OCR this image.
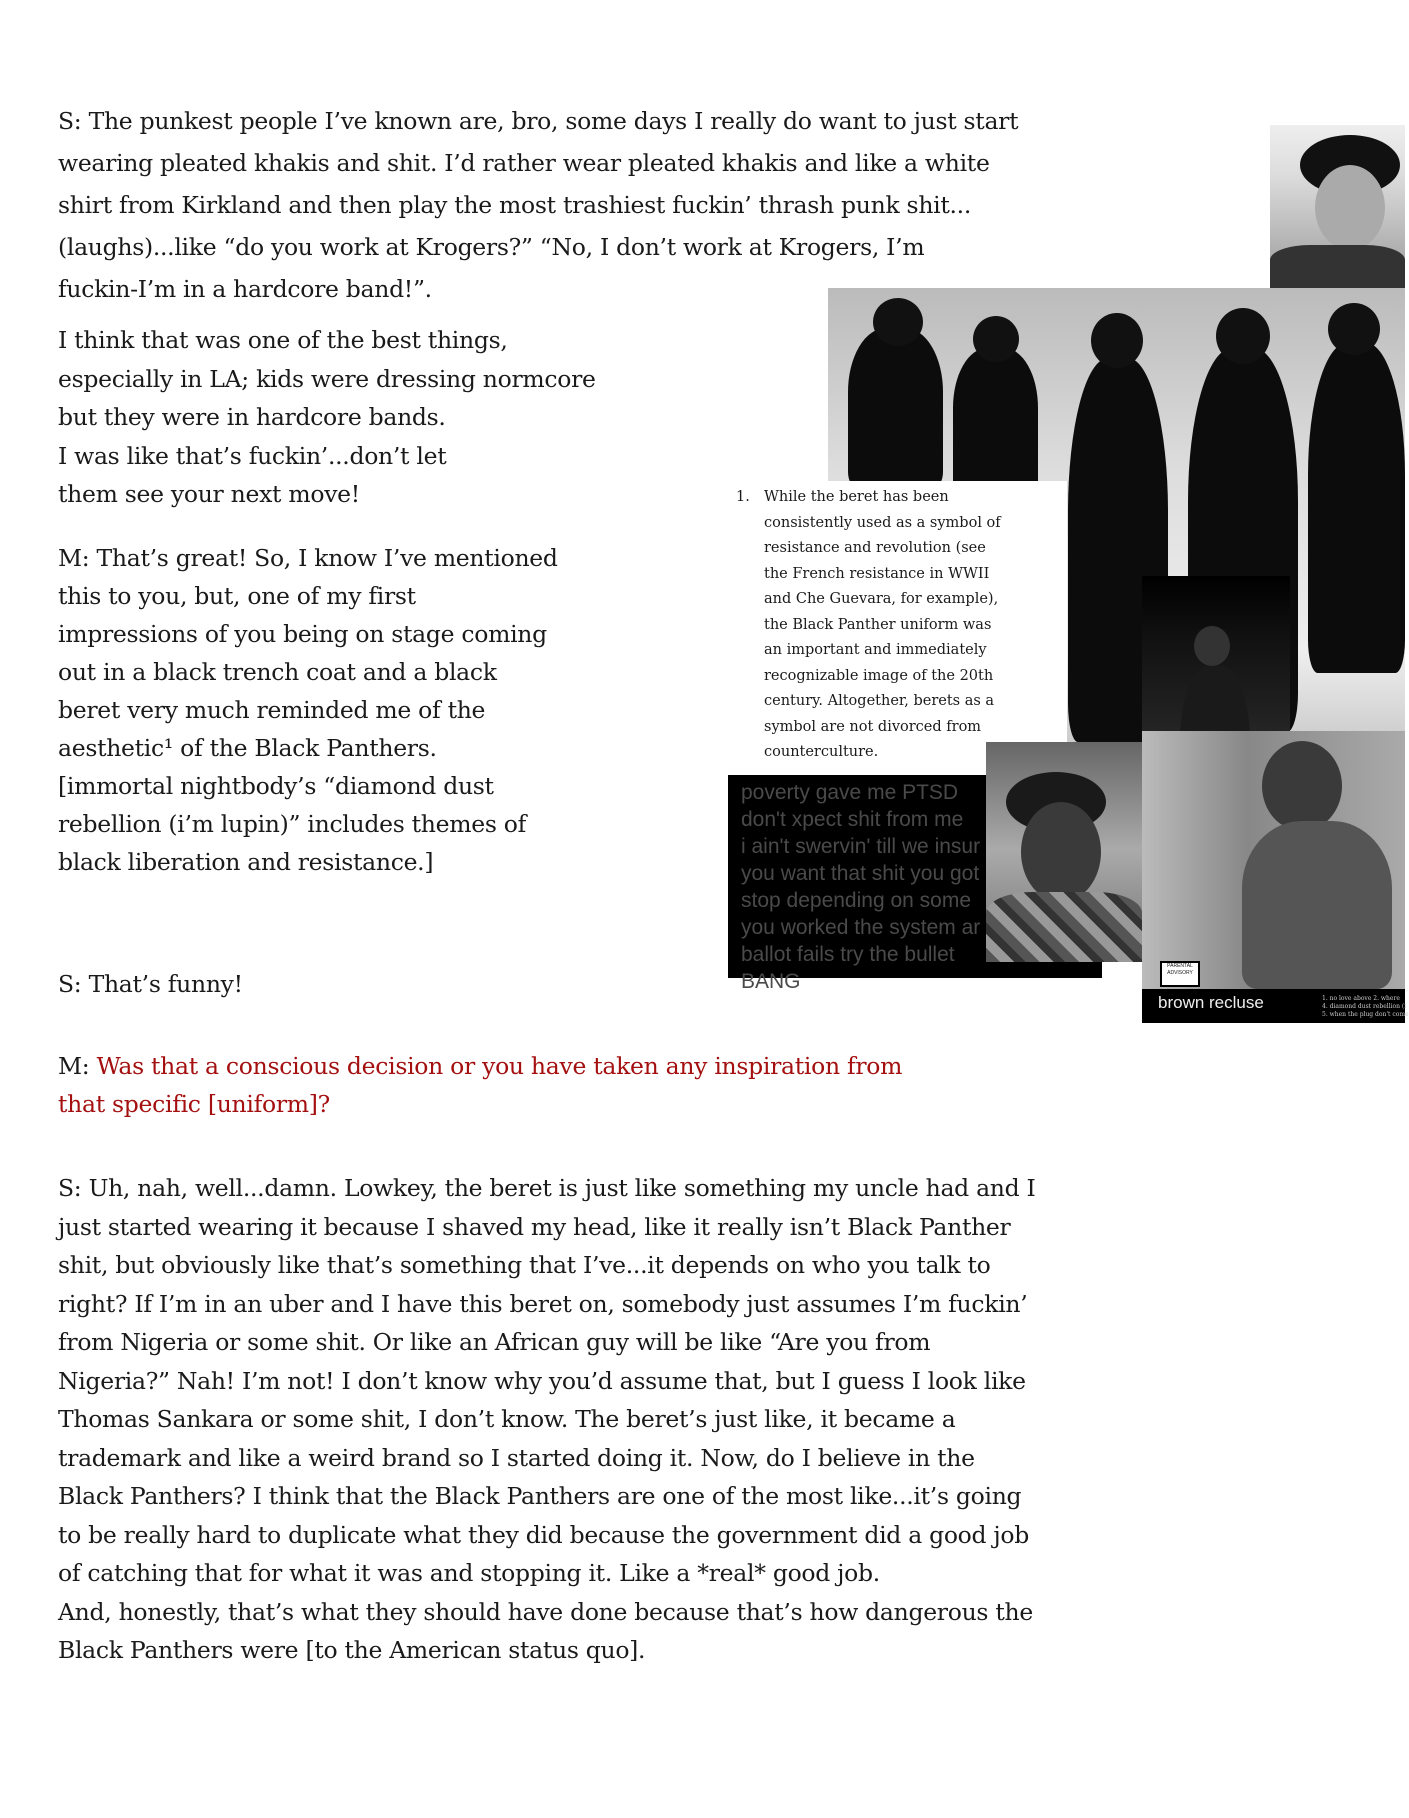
S: The punkest people I’ve known are, bro, some days I really do want to just start
wearing pleated khakis and shit. I’d rather wear pleated khakis and like a white
shirt from Kirkland and then play the most trashiest fuckin’ thrash punk shit...
(laughs)...like “do you work at Krogers?” “No, I don’t work at Krogers, I’m
fuckin-I’m in a hardcore band!”.
I think that was one of the best things,
especially in LA; kids were dressing normcore
but they were in hardcore bands.
I was like that’s fuckin’...don’t let
them see your next move!
M: That’s great! So, I know I’ve mentioned
this to you, but, one of my first
impressions of you being on stage coming
out in a black trench coat and a black
beret very much reminded me of the
aesthetic¹ of the Black Panthers.
[immortal nightbody’s “diamond dust
rebellion (i’m lupin)” includes themes of
black liberation and resistance.]
S: That’s funny!
M: Was that a conscious decision or you have taken any inspiration from
that specific [uniform]?
S: Uh, nah, well...damn. Lowkey, the beret is just like something my uncle had and I
just started wearing it because I shaved my head, like it really isn’t Black Panther
shit, but obviously like that’s something that I’ve...it depends on who you talk to
right? If I’m in an uber and I have this beret on, somebody just assumes I’m fuckin’
from Nigeria or some shit. Or like an African guy will be like “Are you from
Nigeria?” Nah! I’m not! I don’t know why you’d assume that, but I guess I look like
Thomas Sankara or some shit, I don’t know. The beret’s just like, it became a
trademark and like a weird brand so I started doing it. Now, do I believe in the
Black Panthers? I think that the Black Panthers are one of the most like...it’s going
to be really hard to duplicate what they did because the government did a good job
of catching that for what it was and stopping it. Like a *real* good job.
And, honestly, that’s what they should have done because that’s how dangerous the
Black Panthers were [to the American status quo].
1. While the beret has been
consistently used as a symbol of
resistance and revolution (see
the French resistance in WWII
and Che Guevara, for example),
the Black Panther uniform was
an important and immediately
recognizable image of the 20th
century. Altogether, berets as a
symbol are not divorced from
counterculture.
poverty gave me PTSD
don't xpect shit from me
i ain't swervin' till we insur
you want that shit you got
stop depending on some
you worked the system ar
ballot fails try the bullet
BANG
PARENTAL ADVISORY
brown recluse	1. no love above 2. where
4. diamond dust rebellion (i
5. when the plug don't come
